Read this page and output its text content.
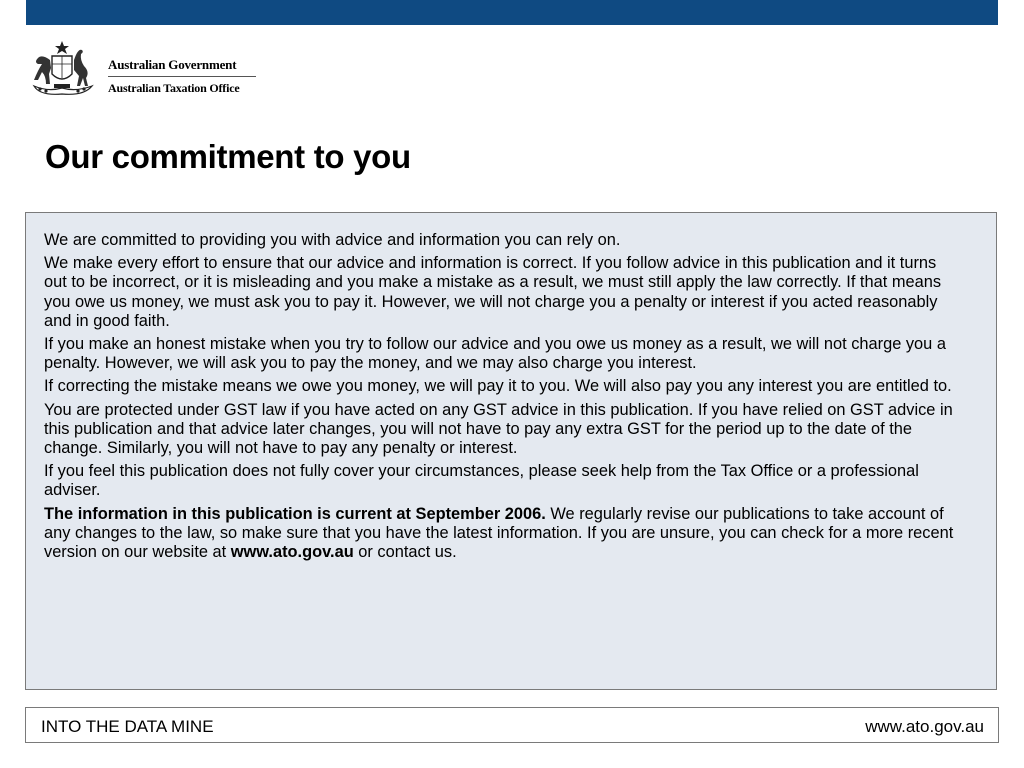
Australian Government
Australian Taxation Office
Our commitment to you

We are committed to providing you with advice and information you can rely on.

We make every effort to ensure that our advice and information is correct. If you follow advice in this publication and it turns out to be incorrect, or it is misleading and you make a mistake as a result, we must still apply the law correctly. If that means you owe us money, we must ask you to pay it. However, we will not charge you a penalty or interest if you acted reasonably and in good faith.

If you make an honest mistake when you try to follow our advice and you owe us money as a result, we will not charge you a penalty. However, we will ask you to pay the money, and we may also charge you interest.

If correcting the mistake means we owe you money, we will pay it to you. We will also pay you any interest you are entitled to.

You are protected under GST law if you have acted on any GST advice in this publication. If you have relied on GST advice in this publication and that advice later changes, you will not have to pay any extra GST for the period up to the date of the change. Similarly, you will not have to pay any penalty or interest.

If you feel this publication does not fully cover your circumstances, please seek help from the Tax Office or a professional adviser.

The information in this publication is current at September 2006. We regularly revise our publications to take account of any changes to the law, so make sure that you have the latest information. If you are unsure, you can check for a more recent version on our website at www.ato.gov.au or contact us.

INTO THE DATA MINE	www.ato.gov.au
